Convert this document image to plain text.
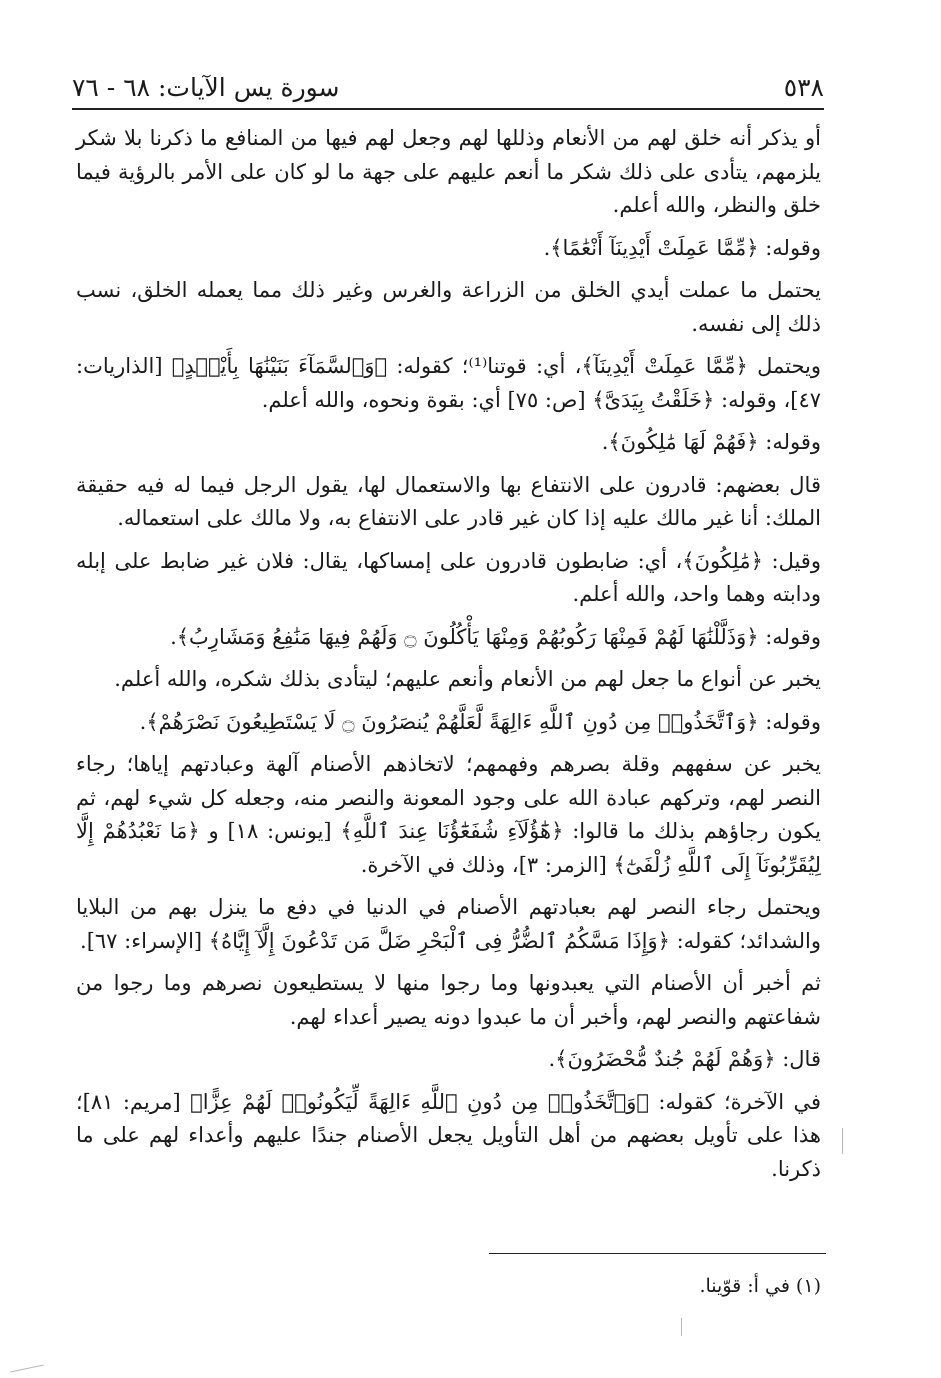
٥٣٨
سورة يس الآيات: ٦٨ - ٧٦

أو يذكر أنه خلق لهم من الأنعام وذللها لهم وجعل لهم فيها من المنافع ما ذكرنا بلا شكر يلزمهم، يتأدى على ذلك شكر ما أنعم عليهم على جهة ما لو كان على الأمر بالرؤية فيما خلق والنظر، والله أعلم.

وقوله: ﴿مِّمَّا عَمِلَتْ أَيْدِينَآ أَنْعَٰمًا﴾.

يحتمل ما عملت أيدي الخلق من الزراعة والغرس وغير ذلك مما يعمله الخلق، نسب ذلك إلى نفسه.

ويحتمل ﴿مِّمَّا عَمِلَتْ أَيْدِينَآ﴾، أي: قوتنا⁽¹⁾؛ كقوله: ﴿وَٱلسَّمَآءَ بَنَيْنَٰهَا بِأَيْي۟دٍ﴾ [الذاريات: ٤٧]، وقوله: ﴿خَلَقْتُ بِيَدَىَّ﴾ [ص: ٧٥] أي: بقوة ونحوه، والله أعلم.

وقوله: ﴿فَهُمْ لَهَا مَٰلِكُونَ﴾.

قال بعضهم: قادرون على الانتفاع بها والاستعمال لها، يقول الرجل فيما له فيه حقيقة الملك: أنا غير مالك عليه إذا كان غير قادر على الانتفاع به، ولا مالك على استعماله.

وقيل: ﴿مَٰلِكُونَ﴾، أي: ضابطون قادرون على إمساكها، يقال: فلان غير ضابط على إبله ودابته وهما واحد، والله أعلم.

وقوله: ﴿وَذَلَّلْنَٰهَا لَهُمْ فَمِنْهَا رَكُوبُهُمْ وَمِنْهَا يَأْكُلُونَ ۝ وَلَهُمْ فِيهَا مَنَٰفِعُ وَمَشَارِبُ﴾.

يخبر عن أنواع ما جعل لهم من الأنعام وأنعم عليهم؛ ليتأدى بذلك شكره، والله أعلم.

وقوله: ﴿وَٱتَّخَذُوا۟ مِن دُونِ ٱللَّهِ ءَالِهَةً لَّعَلَّهُمْ يُنصَرُونَ ۝ لَا يَسْتَطِيعُونَ نَصْرَهُمْ﴾.

يخبر عن سفههم وقلة بصرهم وفهمهم؛ لاتخاذهم الأصنام آلهة وعبادتهم إياها؛ رجاء النصر لهم، وتركهم عبادة الله على وجود المعونة والنصر منه، وجعله كل شيء لهم، ثم يكون رجاؤهم بذلك ما قالوا: ﴿هَٰٓؤُلَآءِ شُفَعَٰٓؤُنَا عِندَ ٱللَّهِ﴾ [يونس: ١٨] و ﴿مَا نَعْبُدُهُمْ إِلَّا لِيُقَرِّبُونَآ إِلَى ٱللَّهِ زُلْفَىٰٓ﴾ [الزمر: ٣]، وذلك في الآخرة.

ويحتمل رجاء النصر لهم بعبادتهم الأصنام في الدنيا في دفع ما ينزل بهم من البلايا والشدائد؛ كقوله: ﴿وَإِذَا مَسَّكُمُ ٱلضُّرُّ فِى ٱلْبَحْرِ ضَلَّ مَن تَدْعُونَ إِلَّآ إِيَّاهُ﴾ [الإسراء: ٦٧].

ثم أخبر أن الأصنام التي يعبدونها وما رجوا منها لا يستطيعون نصرهم وما رجوا من شفاعتهم والنصر لهم، وأخبر أن ما عبدوا دونه يصير أعداء لهم.

قال: ﴿وَهُمْ لَهُمْ جُندٌ مُّحْضَرُونَ﴾.

في الآخرة؛ كقوله: ﴿وَٱتَّخَذُوا۟ مِن دُونِ ٱللَّهِ ءَالِهَةً لِّيَكُونُوا۟ لَهُمْ عِزًّا﴾ [مريم: ٨١]؛ هذا على تأويل بعضهم من أهل التأويل يجعل الأصنام جندًا عليهم وأعداء لهم على ما ذكرنا.

(١) في أ: قوّينا.
